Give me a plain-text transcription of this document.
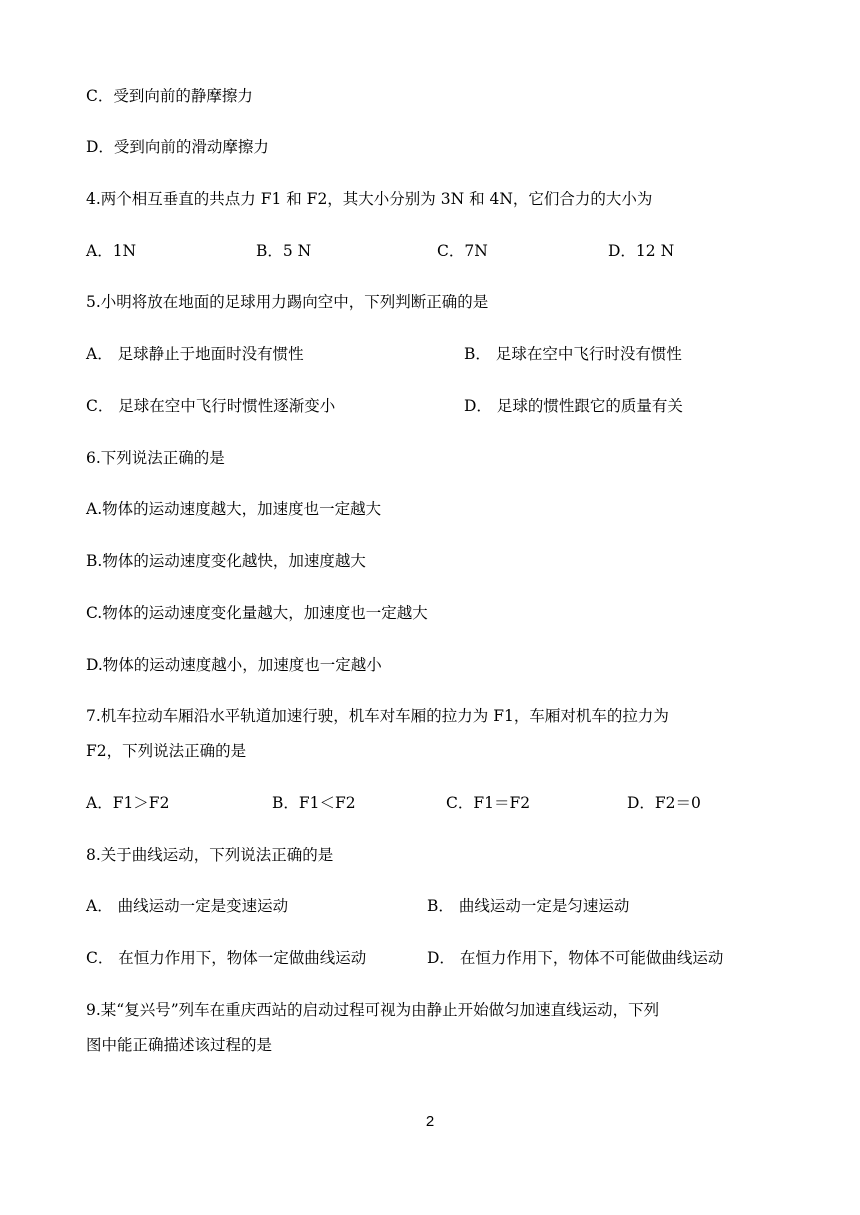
C．受到向前的静摩擦力
D．受到向前的滑动摩擦力
4.两个相互垂直的共点力 F1 和 F2，其大小分别为 3N 和 4N，它们合力的大小为
A．1N	B．5 N	C．7N	D．12 N
5.小明将放在地面的足球用力踢向空中，下列判断正确的是
A． 足球静止于地面时没有惯性	B． 足球在空中飞行时没有惯性
C． 足球在空中飞行时惯性逐渐变小	D． 足球的惯性跟它的质量有关
6.下列说法正确的是
A.物体的运动速度越大，加速度也一定越大
B.物体的运动速度变化越快，加速度越大
C.物体的运动速度变化量越大，加速度也一定越大
D.物体的运动速度越小，加速度也一定越小
7.机车拉动车厢沿水平轨道加速行驶，机车对车厢的拉力为 F1，车厢对机车的拉力为
F2，下列说法正确的是
A．F1＞F2	B．F1＜F2	C．F1＝F2	D．F2＝0
8.关于曲线运动，下列说法正确的是
A． 曲线运动一定是变速运动	B． 曲线运动一定是匀速运动
C． 在恒力作用下，物体一定做曲线运动	D． 在恒力作用下，物体不可能做曲线运动
9.某“复兴号”列车在重庆西站的启动过程可视为由静止开始做匀加速直线运动，下列
图中能正确描述该过程的是
2
